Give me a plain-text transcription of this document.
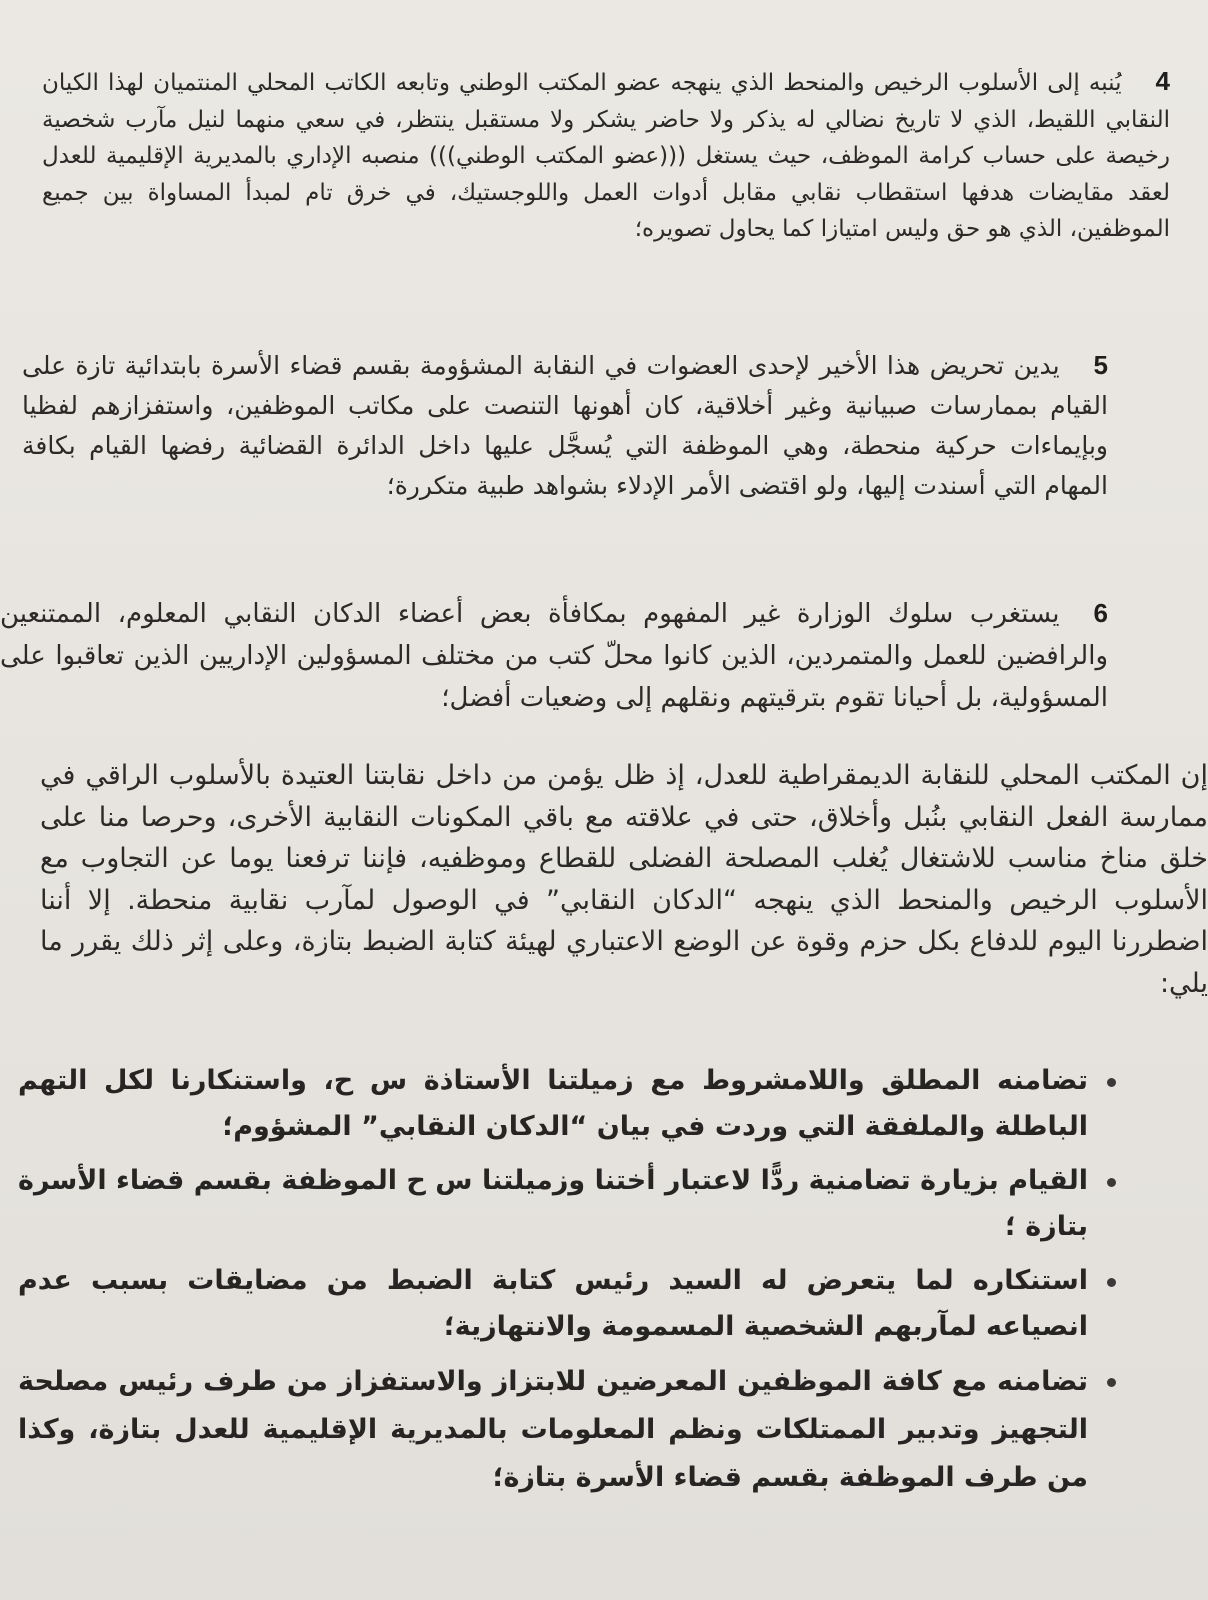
4يُنبه إلى الأسلوب الرخيص والمنحط الذي ينهجه عضو المكتب الوطني وتابعه الكاتب المحلي المنتميان لهذا الكيان النقابي اللقيط، الذي لا تاريخ نضالي له يذكر ولا حاضر يشكر ولا مستقبل ينتظر، في سعي منهما لنيل مآرب شخصية رخيصة على حساب كرامة الموظف، حيث يستغل (((عضو المكتب الوطني))) منصبه الإداري بالمديرية الإقليمية للعدل لعقد مقايضات هدفها استقطاب نقابي مقابل أدوات العمل واللوجستيك، في خرق تام لمبدأ المساواة بين جميع الموظفين، الذي هو حق وليس امتيازا كما يحاول تصويره؛

5يدين تحريض هذا الأخير لإحدى العضوات في النقابة المشؤومة بقسم قضاء الأسرة بابتدائية تازة على القيام بممارسات صبيانية وغير أخلاقية، كان أهونها التنصت على مكاتب الموظفين، واستفزازهم لفظيا وبإيماءات حركية منحطة، وهي الموظفة التي يُسجَّل عليها داخل الدائرة القضائية رفضها القيام بكافة المهام التي أسندت إليها، ولو اقتضى الأمر الإدلاء بشواهد طبية متكررة؛

6يستغرب سلوك الوزارة غير المفهوم بمكافأة بعض أعضاء الدكان النقابي المعلوم، الممتنعين والرافضين للعمل والمتمردين، الذين كانوا محلّ كتب من مختلف المسؤولين الإداريين الذين تعاقبوا على المسؤولية، بل أحيانا تقوم بترقيتهم ونقلهم إلى وضعيات أفضل؛

إن المكتب المحلي للنقابة الديمقراطية للعدل، إذ ظل يؤمن من داخل نقابتنا العتيدة بالأسلوب الراقي في ممارسة الفعل النقابي بنُبل وأخلاق، حتى في علاقته مع باقي المكونات النقابية الأخرى، وحرصا منا على خلق مناخ مناسب للاشتغال يُغلب المصلحة الفضلى للقطاع وموظفيه، فإننا ترفعنا يوما عن التجاوب مع الأسلوب الرخيص والمنحط الذي ينهجه “الدكان النقابي” في الوصول لمآرب نقابية منحطة. إلا أننا اضطررنا اليوم للدفاع بكل حزم وقوة عن الوضع الاعتباري لهيئة كتابة الضبط بتازة، وعلى إثر ذلك يقرر ما يلي:

تضامنه المطلق واللامشروط مع زميلتنا الأستاذة س ح، واستنكارنا لكل التهم الباطلة والملفقة التي وردت في بيان “الدكان النقابي” المشؤوم؛
القيام بزيارة تضامنية ردًّا لاعتبار أختنا وزميلتنا س ح الموظفة بقسم قضاء الأسرة بتازة ؛
استنكاره لما يتعرض له السيد رئيس كتابة الضبط من مضايقات بسبب عدم انصياعه لمآربهم الشخصية المسمومة والانتهازية؛
تضامنه مع كافة الموظفين المعرضين للابتزاز والاستفزاز من طرف رئيس مصلحة التجهيز وتدبير الممتلكات ونظم المعلومات بالمديرية الإقليمية للعدل بتازة، وكذا من طرف الموظفة بقسم قضاء الأسرة بتازة؛
